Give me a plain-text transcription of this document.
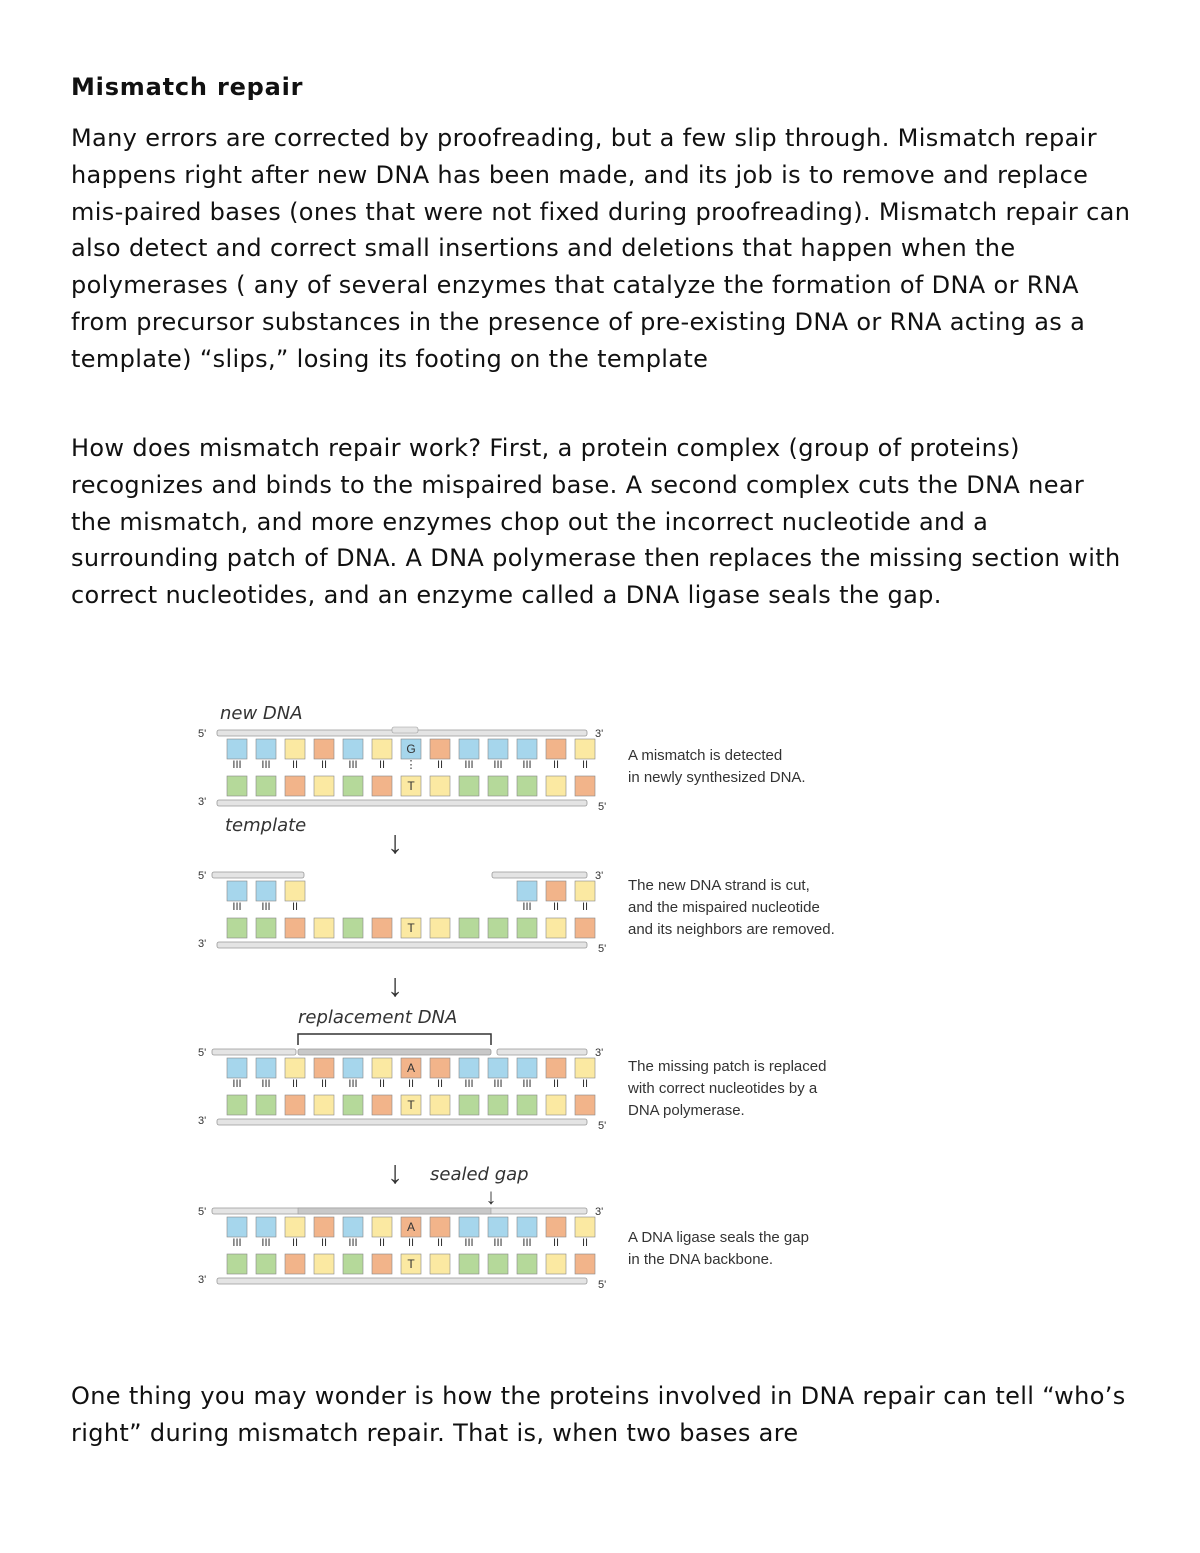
Mismatch repair
Many errors are corrected by proofreading, but a few slip through. Mismatch repair happens right after new DNA has been made, and its job is to remove and replace mis-paired bases (ones that were not fixed during proofreading). Mismatch repair can also detect and correct small insertions and deletions that happen when the polymerases ( any of several enzymes that catalyze the formation of DNA or RNA from precursor substances in the presence of pre-existing DNA or RNA acting as a template) “slips,” losing its footing on the template
How does mismatch repair work? First, a protein complex (group of proteins) recognizes and binds to the mispaired base. A second complex cuts the DNA near the mismatch, and more enzymes chop out the incorrect nucleotide and a surrounding patch of DNA. A DNA polymerase then replaces the missing section with correct nucleotides, and an enzyme called a DNA ligase seals the gap.
5'	3'
3'	5'
III III II II III II
G
⋮
T
II III III III II II
A mismatch is detected
in newly synthesized DNA.
5'	3'
3'	5'
III III II
T
III II II
The new DNA strand is cut,
and the mispaired nucleotide
and its neighbors are removed.
5'	3'
3'	5'
III III II II III II
A
II
T
II III III III II II
The missing patch is replaced
with correct nucleotides by a
DNA polymerase.
5'	3'
3'	5'
III III II II III II
A
II
T
II III III III II II	A DNA ligase seals the gap
in the DNA backbone.
↓
↓
↓
new DNA
template
replacement DNA
sealed gap
↓
One thing you may wonder is how the proteins involved in DNA repair can tell “who’s right” during mismatch repair. That is, when two bases are
